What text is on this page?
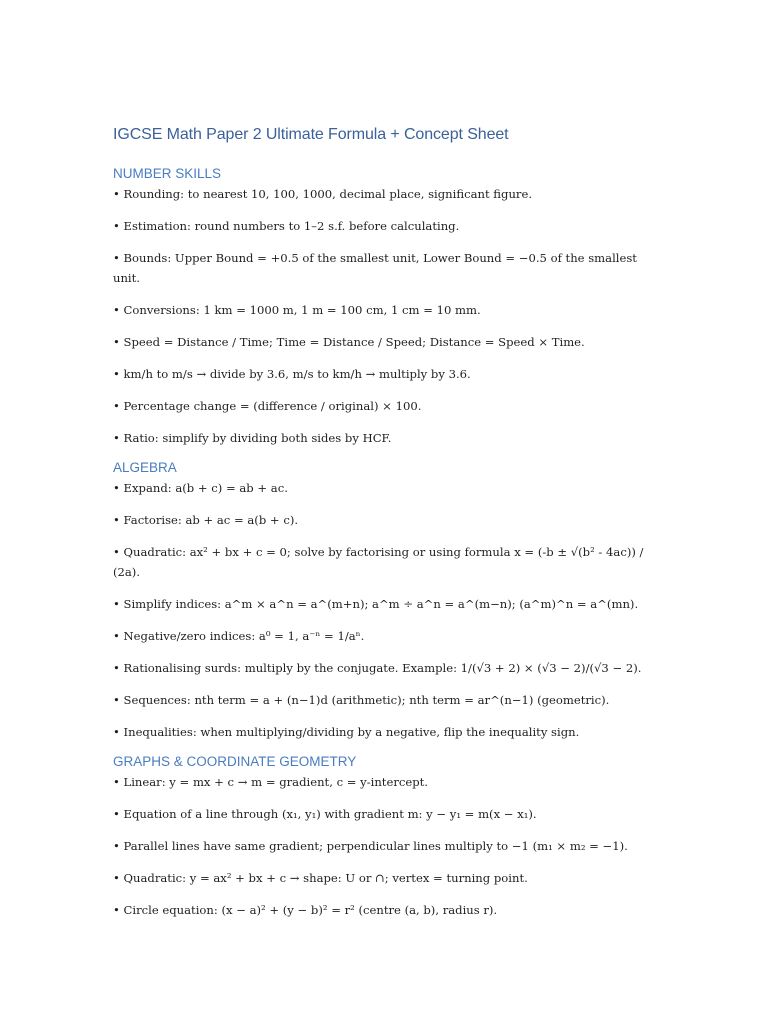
IGCSE Math Paper 2 Ultimate Formula + Concept Sheet
NUMBER SKILLS

• Rounding: to nearest 10, 100, 1000, decimal place, significant figure.

• Estimation: round numbers to 1–2 s.f. before calculating.

• Bounds: Upper Bound = +0.5 of the smallest unit, Lower Bound = −0.5 of the smallest unit.

• Conversions: 1 km = 1000 m, 1 m = 100 cm, 1 cm = 10 mm.

• Speed = Distance / Time; Time = Distance / Speed; Distance = Speed × Time.

• km/h to m/s → divide by 3.6, m/s to km/h → multiply by 3.6.

• Percentage change = (difference / original) × 100.

• Ratio: simplify by dividing both sides by HCF.

ALGEBRA

• Expand: a(b + c) = ab + ac.

• Factorise: ab + ac = a(b + c).

• Quadratic: ax² + bx + c = 0; solve by factorising or using formula x = (-b ± √(b² - 4ac)) / (2a).

• Simplify indices: a^m × a^n = a^(m+n); a^m ÷ a^n = a^(m−n); (a^m)^n = a^(mn).

• Negative/zero indices: a⁰ = 1, a⁻ⁿ = 1/aⁿ.

• Rationalising surds: multiply by the conjugate. Example: 1/(√3 + 2) × (√3 − 2)/(√3 − 2).

• Sequences: nth term = a + (n−1)d (arithmetic); nth term = ar^(n−1) (geometric).

• Inequalities: when multiplying/dividing by a negative, flip the inequality sign.

GRAPHS & COORDINATE GEOMETRY

• Linear: y = mx + c → m = gradient, c = y-intercept.

• Equation of a line through (x₁, y₁) with gradient m: y − y₁ = m(x − x₁).

• Parallel lines have same gradient; perpendicular lines multiply to −1 (m₁ × m₂ = −1).

• Quadratic: y = ax² + bx + c → shape: U or ∩; vertex = turning point.

• Circle equation: (x − a)² + (y − b)² = r² (centre (a, b), radius r).
